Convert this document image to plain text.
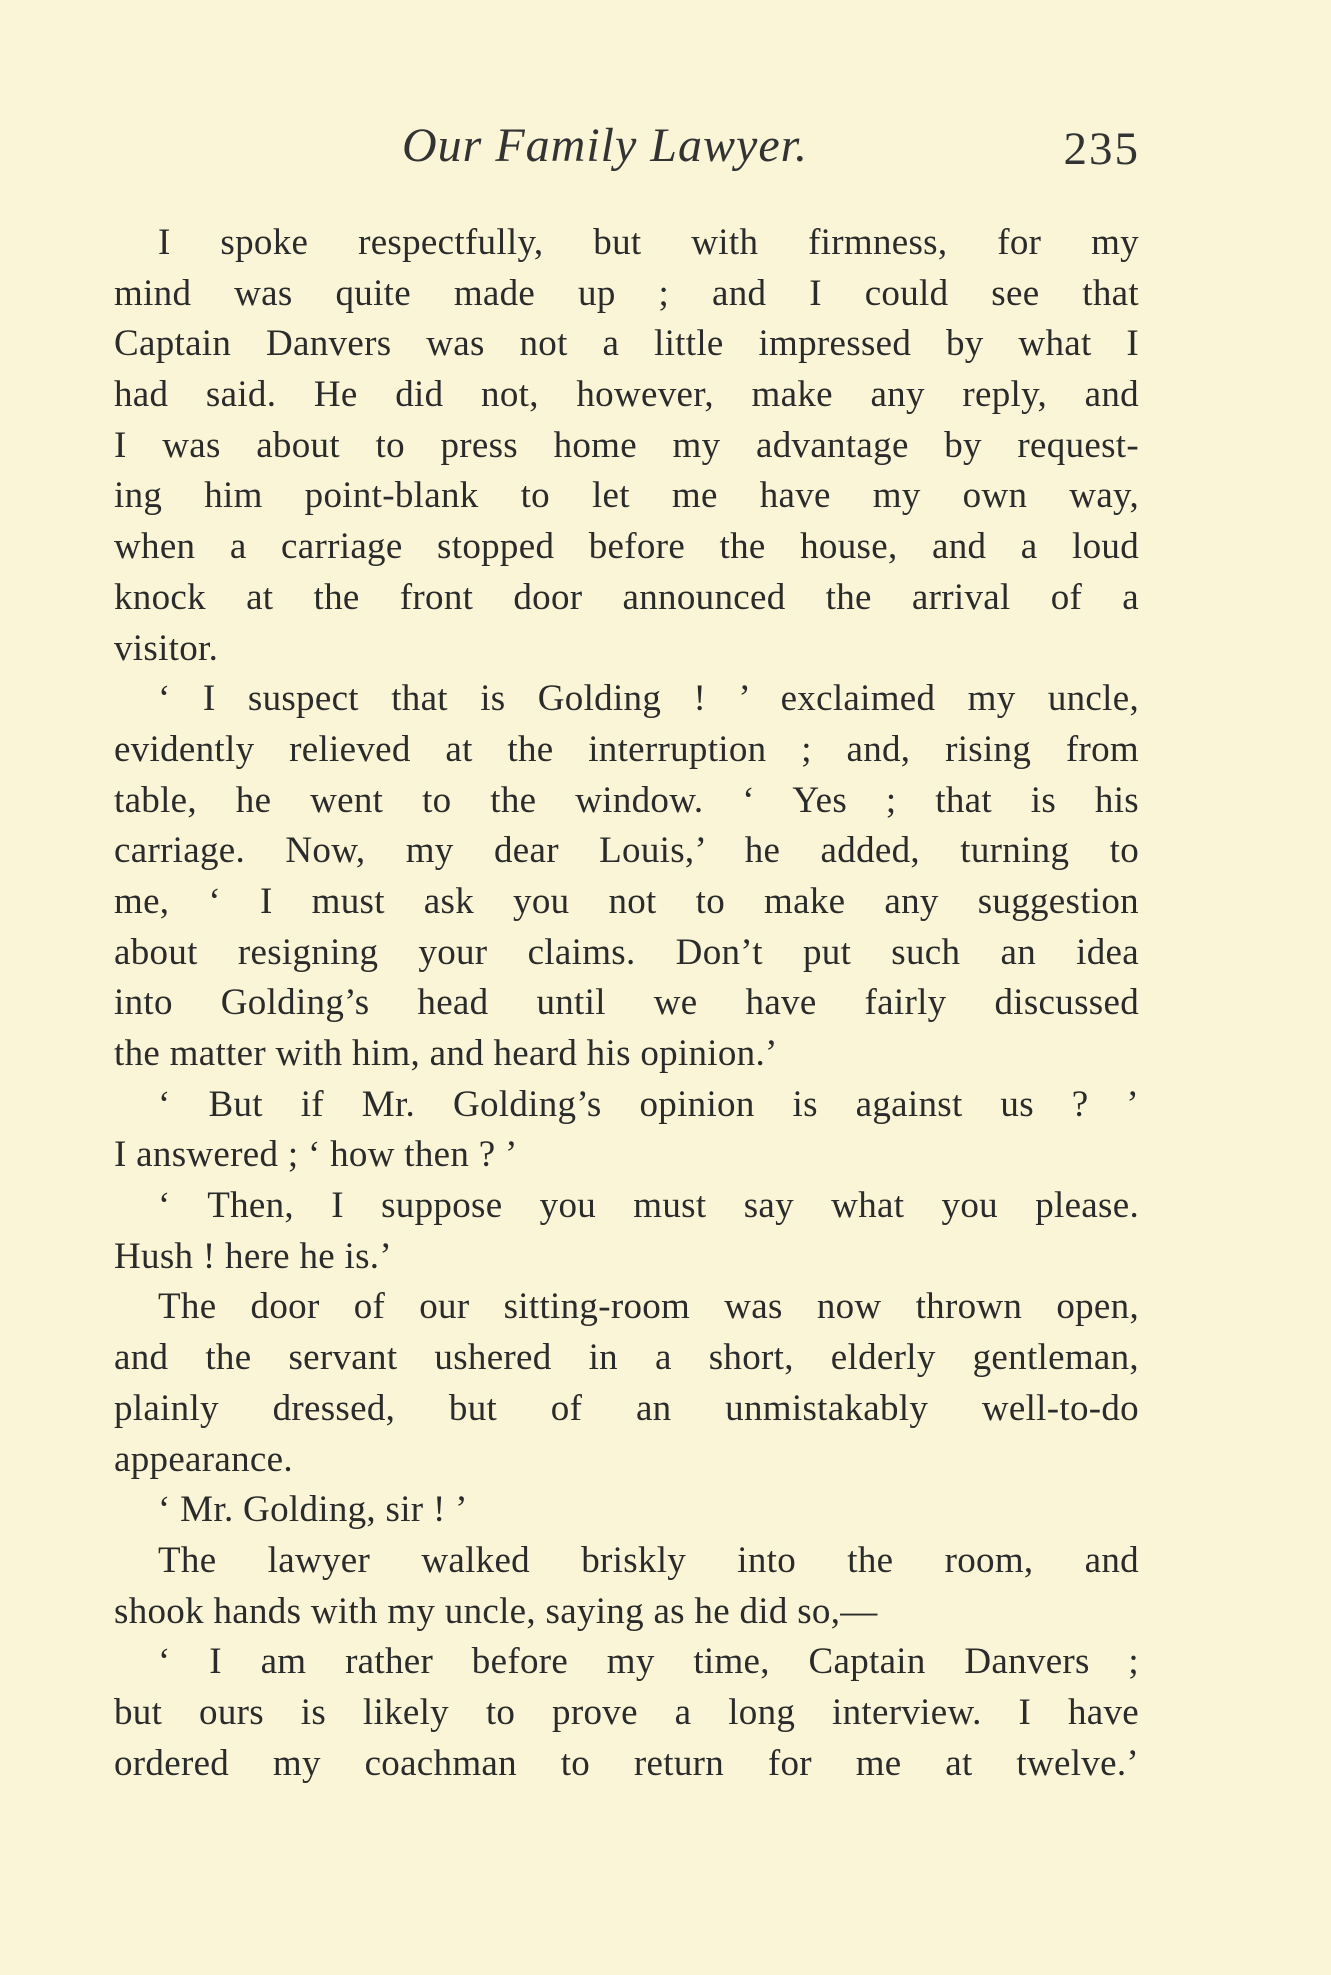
Our Family Lawyer.	235
I spoke respectfully, but with firmness, for my
mind was quite made up ; and I could see that
Captain Danvers was not a little impressed by what I
had said. He did not, however, make any reply, and
I was about to press home my advantage by request-
ing him point-blank to let me have my own way,
when a carriage stopped before the house, and a loud
knock at the front door announced the arrival of a
visitor.
‘ I suspect that is Golding ! ’ exclaimed my uncle,
evidently relieved at the interruption ; and, rising from
table, he went to the window. ‘ Yes ; that is his
carriage. Now, my dear Louis,’ he added, turning to
me, ‘ I must ask you not to make any suggestion
about resigning your claims. Don’t put such an idea
into Golding’s head until we have fairly discussed
the matter with him, and heard his opinion.’
‘ But if Mr. Golding’s opinion is against us ? ’
I answered ; ‘ how then ? ’
‘ Then, I suppose you must say what you please.
Hush ! here he is.’
The door of our sitting-room was now thrown open,
and the servant ushered in a short, elderly gentleman,
plainly dressed, but of an unmistakably well-to-do
appearance.
‘ Mr. Golding, sir ! ’
The lawyer walked briskly into the room, and
shook hands with my uncle, saying as he did so,—
‘ I am rather before my time, Captain Danvers ;
but ours is likely to prove a long interview. I have
ordered my coachman to return for me at twelve.’
